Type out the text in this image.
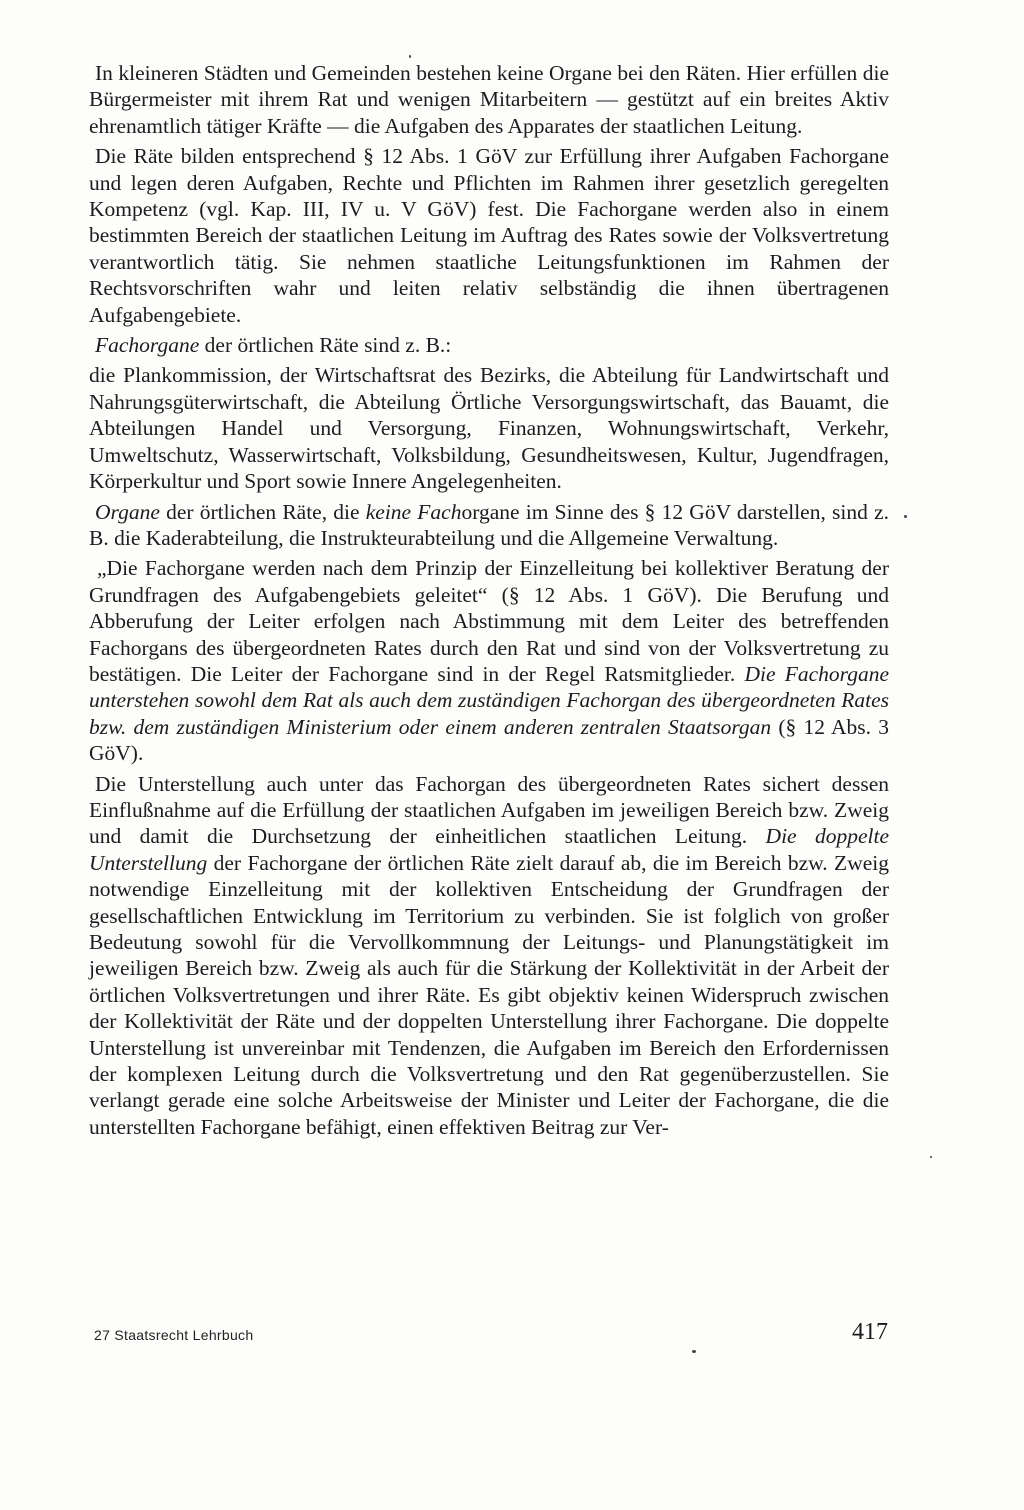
In kleineren Städten und Gemeinden bestehen keine Organe bei den Räten. Hier erfüllen die Bürgermeister mit ihrem Rat und wenigen Mitarbeitern — gestützt auf ein breites Aktiv ehrenamtlich tätiger Kräfte — die Aufgaben des Apparates der staatlichen Leitung.

Die Räte bilden entsprechend § 12 Abs. 1 GöV zur Erfüllung ihrer Aufgaben Fachorgane und legen deren Aufgaben, Rechte und Pflichten im Rahmen ihrer gesetzlich geregelten Kompetenz (vgl. Kap. III, IV u. V GöV) fest. Die Fachorgane werden also in einem bestimmten Bereich der staatlichen Leitung im Auftrag des Rates sowie der Volksvertretung verantwortlich tätig. Sie nehmen staatliche Leitungsfunktionen im Rahmen der Rechtsvorschriften wahr und leiten relativ selbständig die ihnen übertragenen Aufgabengebiete.

Fachorgane der örtlichen Räte sind z. B.:

die Plankommission, der Wirtschaftsrat des Bezirks, die Abteilung für Landwirtschaft und Nahrungsgüterwirtschaft, die Abteilung Örtliche Versorgungswirtschaft, das Bauamt, die Abteilungen Handel und Versorgung, Finanzen, Wohnungswirtschaft, Verkehr, Umweltschutz, Wasserwirtschaft, Volksbildung, Gesundheitswesen, Kultur, Jugendfragen, Körperkultur und Sport sowie Innere Angelegenheiten.

Organe der örtlichen Räte, die keine Fachorgane im Sinne des § 12 GöV darstellen, sind z. B. die Kaderabteilung, die Instrukteurabteilung und die Allgemeine Verwaltung.

„Die Fachorgane werden nach dem Prinzip der Einzelleitung bei kollektiver Beratung der Grundfragen des Aufgabengebiets geleitet“ (§ 12 Abs. 1 GöV). Die Berufung und Abberufung der Leiter erfolgen nach Abstimmung mit dem Leiter des betreffenden Fachorgans des übergeordneten Rates durch den Rat und sind von der Volksvertretung zu bestätigen. Die Leiter der Fachorgane sind in der Regel Ratsmitglieder. Die Fachorgane unterstehen sowohl dem Rat als auch dem zuständigen Fachorgan des übergeordneten Rates bzw. dem zuständigen Ministerium oder einem anderen zentralen Staatsorgan (§ 12 Abs. 3 GöV).

Die Unterstellung auch unter das Fachorgan des übergeordneten Rates sichert dessen Einflußnahme auf die Erfüllung der staatlichen Aufgaben im jeweiligen Bereich bzw. Zweig und damit die Durchsetzung der einheitlichen staatlichen Leitung. Die doppelte Unterstellung der Fachorgane der örtlichen Räte zielt darauf ab, die im Bereich bzw. Zweig notwendige Einzelleitung mit der kollektiven Entscheidung der Grundfragen der gesellschaftlichen Entwicklung im Territorium zu verbinden. Sie ist folglich von großer Bedeutung sowohl für die Vervollkommnung der Leitungs- und Planungstätigkeit im jeweiligen Bereich bzw. Zweig als auch für die Stärkung der Kollektivität in der Arbeit der örtlichen Volksvertretungen und ihrer Räte. Es gibt objektiv keinen Widerspruch zwischen der Kollektivität der Räte und der doppelten Unterstellung ihrer Fachorgane. Die doppelte Unterstellung ist unvereinbar mit Tendenzen, die Aufgaben im Bereich den Erfordernissen der komplexen Leitung durch die Volksvertretung und den Rat gegenüberzustellen. Sie verlangt gerade eine solche Arbeitsweise der Minister und Leiter der Fachorgane, die die unterstellten Fachorgane befähigt, einen effektiven Beitrag zur Ver-

27 Staatsrecht Lehrbuch	417
